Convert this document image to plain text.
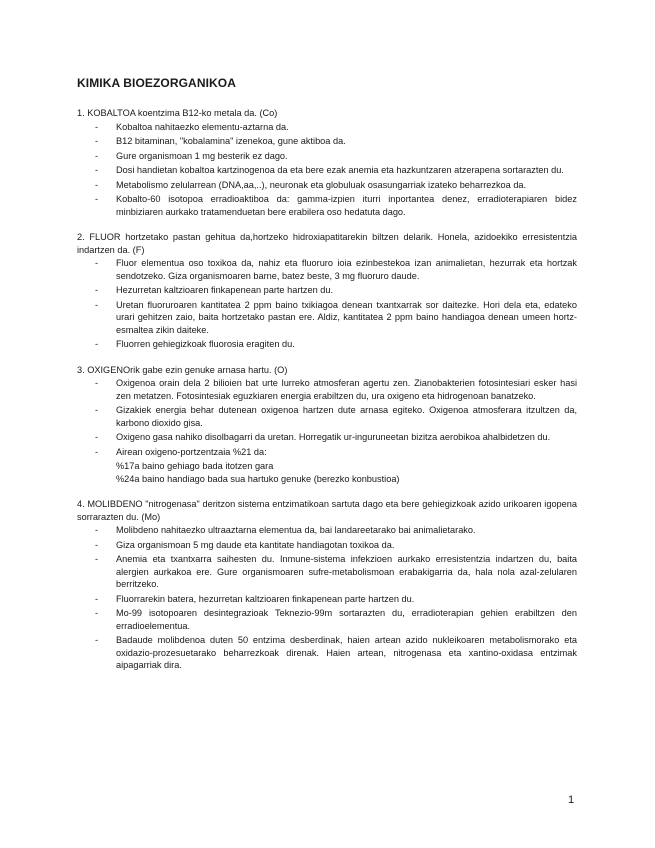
KIMIKA BIOEZORGANIKOA

1. KOBALTOA koentzima B12-ko metala da. (Co)

- Kobaltoa nahitaezko elementu-aztarna da.
- B12 bitaminan, "kobalamina" izenekoa, gune aktiboa da.
- Gure organismoan 1 mg besterik ez dago.
- Dosi handietan kobaltoa kartzinogenoa da eta bere ezak anemia eta hazkuntzaren atzerapena sortarazten du.
- Metabolismo zelularrean (DNA,aa,..), neuronak eta globuluak osasungarriak izateko beharrezkoa da.
- Kobalto-60 isotopoa erradioaktiboa da: gamma-izpien iturri inportantea denez, erradioterapiaren bidez minbiziaren aurkako tratamenduetan bere erabilera oso hedatuta dago.

2. FLUOR hortzetako pastan gehitua da,hortzeko hidroxiapatitarekin biltzen delarik. Honela, azidoekiko erresistentzia indartzen da. (F)

- Fluor elementua oso toxikoa da, nahiz eta fluoruro ioia ezinbestekoa izan animalietan, hezurrak eta hortzak sendotzeko. Giza organismoaren barne, batez beste, 3 mg fluoruro daude.
- Hezurretan kaltzioaren finkapenean parte hartzen du.
- Uretan fluoruroaren kantitatea 2 ppm baino txikiagoa denean txantxarrak sor daitezke. Hori dela eta, edateko urari gehitzen zaio, baita hortzetako pastan ere. Aldiz, kantitatea 2 ppm baino handiagoa denean umeen hortz-esmaltea zikin daiteke.
- Fluorren gehiegizkoak fluorosia eragiten du.

3. OXIGENOrik gabe ezin genuke arnasa hartu. (O)

- Oxigenoa orain dela 2 bilioien bat urte lurreko atmosferan agertu zen. Zianobakterien fotosintesiari esker hasi zen metatzen. Fotosintesiak eguzkiaren energia erabiltzen du, ura oxigeno eta hidrogenoan banatzeko.
- Gizakiek energia behar dutenean oxigenoa hartzen dute arnasa egiteko. Oxigenoa atmosferara itzultzen da, karbono dioxido gisa.
- Oxigeno gasa nahiko disolbagarri da uretan. Horregatik ur-inguruneetan bizitza aerobikoa ahalbidetzen du.
- Airean oxigeno-portzentzaia %21 da:
%17a baino gehiago bada itotzen gara
%24a baino handiago bada sua hartuko genuke (berezko konbustioa)

4. MOLIBDENO "nitrogenasa" deritzon sistema entzimatikoan sartuta dago eta bere gehiegizkoak azido urikoaren igopena sorrarazten du. (Mo)

- Molibdeno nahitaezko ultraaztarna elementua da, bai landareetarako bai animalietarako.
- Giza organismoan 5 mg daude eta kantitate handiagotan toxikoa da.
- Anemia eta txantxarra saihesten du. Inmune-sistema infekzioen aurkako erresistentzia indartzen du, baita alergien aurkakoa ere. Gure organismoaren sufre-metabolismoan erabakigarria da, hala nola azal-zelularen berritzeko.
- Fluorrarekin batera, hezurretan kaltzioaren finkapenean parte hartzen du.
- Mo-99 isotopoaren desintegrazioak Teknezio-99m sortarazten du, erradioterapian gehien erabiltzen den erradioelementua.
- Badaude molibdenoa duten 50 entzima desberdinak, haien artean azido nukleikoaren metabolismorako eta oxidazio-prozesuetarako beharrezkoak direnak. Haien artean, nitrogenasa eta xantino-oxidasa entzimak aipagarriak dira.
1
